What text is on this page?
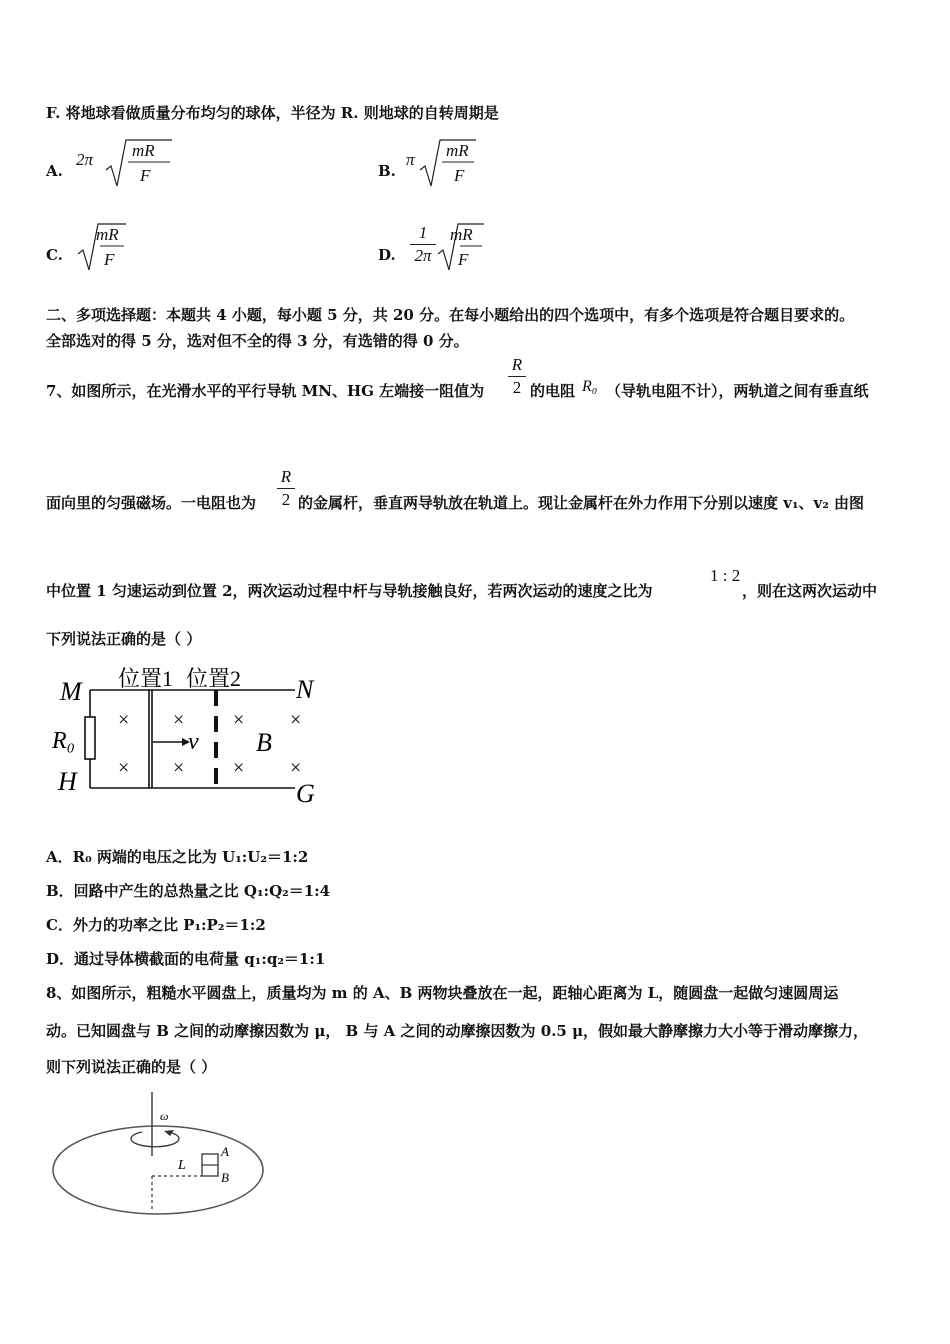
F. 将地球看做质量分布均匀的球体，半径为 R. 则地球的自转周期是
A.
2π mR
F	B.
π mR
F
C.
mR
F	D.
1
2π
mR
F
二、多项选择题：本题共 4 小题，每小题 5 分，共 20 分。在每小题给出的四个选项中，有多个选项是符合题目要求的。
全部选对的得 5 分，选对但不全的得 3 分，有选错的得 0 分。
7、如图所示，在光滑水平的平行导轨 MN、HG 左端接一阻值为
R
2 的电阻 R₀ （导轨电阻不计），两轨道之间有垂直纸
面向里的匀强磁场。一电阻也为
R
2 的金属杆，垂直两导轨放在轨道上。现让金属杆在外力作用下分别以速度 v₁、v₂ 由图
中位置 1 匀速运动到位置 2，两次运动过程中杆与导轨接触良好，若两次运动的速度之比为
1 : 2
，则在这两次运动中
下列说法正确的是（ ）
位置1 位置2
M	N
H	G
R₀	v B
× × × ×
× × × ×
A．R₀ 两端的电压之比为 U₁:U₂＝1:2
B．回路中产生的总热量之比 Q₁:Q₂＝1:4
C．外力的功率之比 P₁:P₂＝1:2
D．通过导体横截面的电荷量 q₁:q₂＝1:1
8、如图所示，粗糙水平圆盘上，质量均为 m 的 A、B 两物块叠放在一起，距轴心距离为 L，随圆盘一起做匀速圆周运
动。已知圆盘与 B 之间的动摩擦因数为 μ， B 与 A 之间的动摩擦因数为 0.5 μ，假如最大静摩擦力大小等于滑动摩擦力，
则下列说法正确的是（ ）
ω
L
A
B
